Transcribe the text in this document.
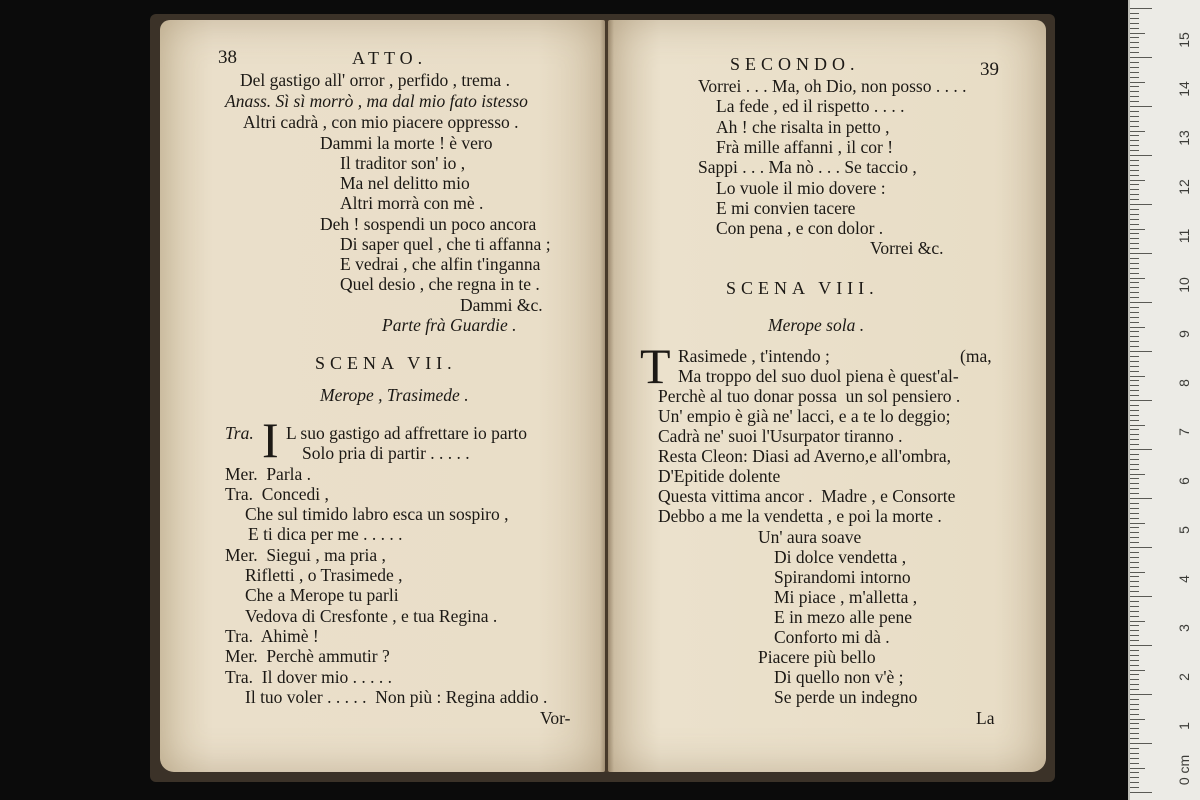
38	ATTO.
Del gastigo all' orror , perfido , trema .
Anass. Sì sì morrò , ma dal mio fato istesso
Altri cadrà , con mio piacere oppresso .
Dammi la morte ! è vero
Il traditor son' io ,
Ma nel delitto mio
Altri morrà con mè .
Deh ! sospendi un poco ancora
Di saper quel , che ti affanna ;
E vedrai , che alfin t'inganna
Quel desio , che regna in te .
Dammi &c.
Parte frà Guardie .
SCENA VII.
Merope , Trasimede .
Tra. I L suo gastigo ad affrettare io parto
Solo pria di partir . . . . .
Mer.  Parla .
Tra.  Concedi ,
Che sul timido labro esca un sospiro ,
E ti dica per me . . . . .
Mer.  Siegui , ma pria ,
Rifletti , o Trasimede ,
Che a Merope tu parli
Vedova di Cresfonte , e tua Regina .
Tra.  Ahimè !
Mer.  Perchè ammutir ?
Tra.  Il dover mio . . . . .
Il tuo voler . . . . .  Non più : Regina addio .
Vor-
SECONDO.	39
Vorrei . . . Ma, oh Dio, non posso . . . .
La fede , ed il rispetto . . . .
Ah ! che risalta in petto ,
Frà mille affanni , il cor !
Sappi . . . Ma nò . . . Se taccio ,
Lo vuole il mio dovere :
E mi convien tacere
Con pena , e con dolor .
Vorrei &c.
SCENA VIII.
Merope sola .
T Rasimede , t'intendo ;	(ma,
Ma troppo del suo duol piena è quest'al-
Perchè al tuo donar possa  un sol pensiero .
Un' empio è già ne' lacci, e a te lo deggio;
Cadrà ne' suoi l'Usurpator tiranno .
Resta Cleon: Diasi ad Averno,e all'ombra,
D'Epitide dolente
Questa vittima ancor .  Madre , e Consorte
Debbo a me la vendetta , e poi la morte .
Un' aura soave
Di dolce vendetta ,
Spirandomi intorno
Mi piace , m'alletta ,
E in mezo alle pene
Conforto mi dà .
Piacere più bello
Di quello non v'è ;
Se perde un indegno
La
15
14
13
12
11
10
9
8
7
6
5
4
3
2
1
0 cm
